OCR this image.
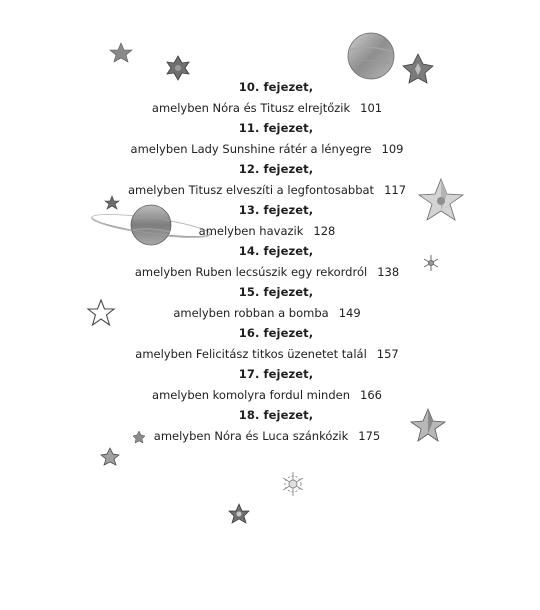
10. fejezet,
amelyben Nóra és Titusz elrejtőzik 101
11. fejezet,
amelyben Lady Sunshine rátér a lényegre 109
12. fejezet,
amelyben Titusz elveszíti a legfontosabbat 117
13. fejezet,
amelyben havazik 128
14. fejezet,
amelyben Ruben lecsúszik egy rekordról 138
15. fejezet,
amelyben robban a bomba 149
16. fejezet,
amelyben Felicitász titkos üzenetet talál 157
17. fejezet,
amelyben komolyra fordul minden 166
18. fejezet,
amelyben Nóra és Luca szánkózik 175
